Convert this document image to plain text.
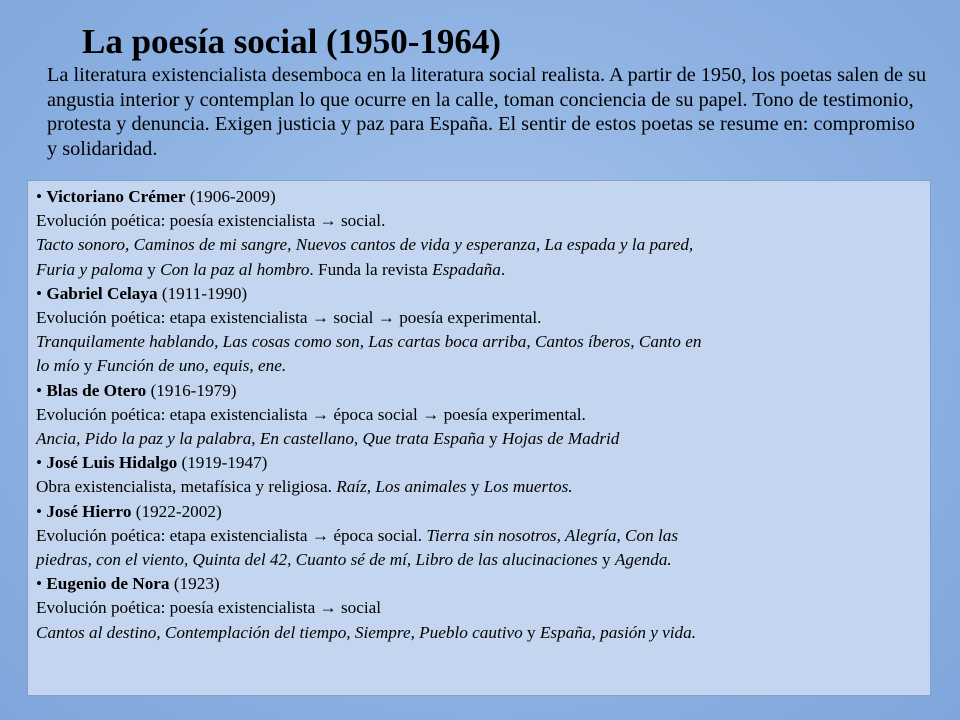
La poesía social (1950-1964)
La literatura existencialista desemboca en la literatura social realista. A partir de 1950, los poetas salen de su angustia interior y contemplan lo que ocurre en la calle, toman conciencia de su papel. Tono de testimonio, protesta y denuncia. Exigen justicia y paz para España. El sentir de estos poetas se resume en: compromiso y solidaridad.
• Victoriano Crémer (1906-2009)
Evolución poética: poesía existencialista → social.
Tacto sonoro, Caminos de mi sangre, Nuevos cantos de vida y esperanza, La espada y la pared,
Furia y paloma y Con la paz al hombro. Funda la revista Espadaña.
• Gabriel Celaya (1911-1990)
Evolución poética: etapa existencialista → social → poesía experimental.
Tranquilamente hablando, Las cosas como son, Las cartas boca arriba, Cantos íberos, Canto en
lo mío y Función de uno, equis, ene.
• Blas de Otero (1916-1979)
Evolución poética: etapa existencialista → época social → poesía experimental.
Ancia, Pido la paz y la palabra, En castellano, Que trata España y Hojas de Madrid
• José Luis Hidalgo (1919-1947)
Obra existencialista, metafísica y religiosa. Raíz, Los animales y Los muertos.
• José Hierro (1922-2002)
Evolución poética: etapa existencialista → época social. Tierra sin nosotros, Alegría, Con las
piedras, con el viento, Quinta del 42, Cuanto sé de mí, Libro de las alucinaciones y Agenda.
• Eugenio de Nora (1923)
Evolución poética: poesía existencialista → social
Cantos al destino, Contemplación del tiempo, Siempre, Pueblo cautivo y España, pasión y vida.
